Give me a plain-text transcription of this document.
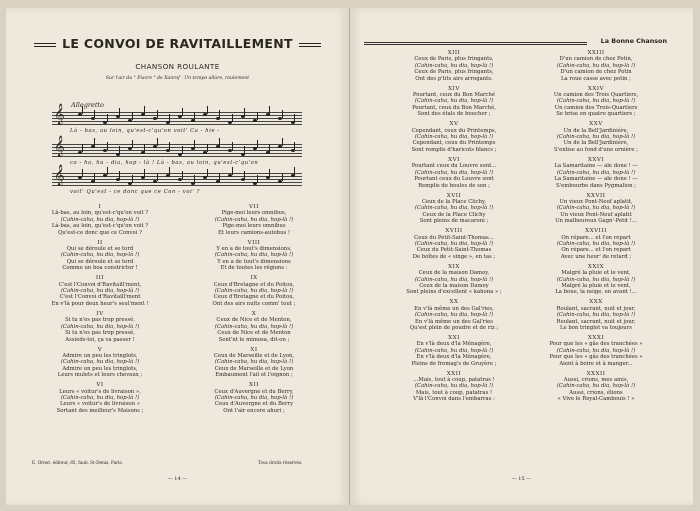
LE CONVOI DE RAVITAILLEMENT
CHANSON ROULANTE
Sur l'air du " Fiacre " de Xanrof · Un tempo allure, roulement
Allegretto
𝄞
Là - bas, au loin, qu'est-c'qu'on voit' Ca - hie -
𝄞
co - ha, hu - dia, hop - là ! Là - bas, au loin, qu'est-c'qu'on
𝄞
voit' Qu'est - ce donc que ce Con - voi' ?
I
Là-bas, au loin, qu'est-c'qu'on voit ?
(Cahin-caha, hu dia, hop-là !)
Là-bas, au loin, qu'est-c'qu'on voit ?
Qu'est-ce donc que ce Convoi ?
II
Qui se déroule et se tord
(Cahin-caha, hu dia, hop-là !)
Qui se déroule et se tord
Comme un boa constrictor !
III
C'est l'Convoi d'Ravitaill'ment,
(Cahin-caha, hu dia, hop-là !)
C'est l'Convoi d'Ravitaill'ment
En v'là pour deux heur's seul'ment !
IV
Si tu n'es pas trop pressé,
(Cahin-caha, hu dia, hop-là !)
Si tu n'es pas trop pressé,
Assieds-toi, ça va passer !
V
Admire un peu les tringlots,
(Cahin-caha, hu dia, hop-là !)
Admire un peu les tringlots,
Leurs mulets et leurs chevaux ;
VI
Leurs « voitur's de livraison »,
(Cahin-caha, hu dia, hop-là !)
Leurs « voitur's de livraison »
Sortant des meilleur's Maisons ;
VII
Pige-moi leurs omnibus,
(Cahin-caha, hu dia, hop-là !)
Pige-moi leurs omnibus
Et leurs camions-autobus !
VIII
Y en a de tout's dimensions,
(Cahin-caha, hu dia, hop-là !)
Y en a de tout's dimensions
Et de toutes les régions :
IX
Ceux d'Bretagne et du Poitou,
(Cahin-caha, hu dia, hop-là !)
Ceux d'Bretagne et du Poitou,
Ont des airs nults comm' tout ;
X
Ceux de Nice et de Menton,
(Cahin-caha, hu dia, hop-là !)
Ceux de Nice et de Menton
Sent'nt le mimosa, dit-on ;
XI
Ceux de Marseille et de Lyon,
(Cahin-caha, hu dia, hop-là !)
Ceux de Marseille et de Lyon
Embaument l'ail et l'oignon ;
XII
Ceux d'Auvergne et du Berry,
(Cahin-caha, hu dia, hop-là !)
Ceux d'Auvergne et du Berry
Ont l'air encore ahuri ;
E. Ornet, éditeur, 85, faub. St-Denis, Paris.	Tous droits réservés.
— 14 —
La Bonne Chanson
XIII
Ceux de Paris, plus fringants,
(Cahin-caha, hu dia, hop-là !)
Ceux de Paris, plus fringants,
Ont des p'tits airs arrogants.
XIV
Pourtant, ceux du Bon Marché
(Cahin-caha, hu dia, hop-là !)
Pourtant, ceux du Bon Marché,
Sont des étals de boucher ;
XV
Cependant, ceux du Printemps,
(Cahin-caha, hu dia, hop-là !)
Cependant, ceux du Printemps
Sont remplis d'haricots blancs ;
XVI
Pourtant ceux du Louvre sont...
(Cahin-caha, hu dia, hop-là !)
Pourtant ceux du Louvre sont
Remplis de boules de son ;
XVII
Ceux de la Place Clichy,
(Cahin-caha, hu dia, hop-là !)
Ceux de la Place Clichy
Sont pleins de macaroni ;
XVIII
Ceux du Petit-Saint-Thomas...
(Cahin-caha, hu dia, hop-là !)
Ceux du Petit-Saint-Thomas
De boîtes de « singe », en tas ;
XIX
Ceux de la maison Damoy,
(Cahin-caha, hu dia, hop-là !)
Ceux de la maison Damoy
Sont pleins d'excellent « kahona » ;
XX
En v'là même un des Gal'ries,
(Cahin-caha, hu dia, hop-là !)
En v'là même un des Gal'ries
Qu'est plein de poudre et de riz ;
XXI
En v'là deux d'la Ménagère,
(Cahin-caha, hu dia, hop-là !)
En v'là deux d'la Ménagère,
Pleins de fromag's de Gruyère ;
XXII
...Mais, tout à coup, patatras !
(Cahin-caha, hu dia, hop-là !)
Mais, tout à coup, patatras !
V'là l'Convoi dans l'embarras :
XXIII
D'un camion de chez Potin,
(Cahin-caha, hu dia, hop-là !)
D'un camion de chez Potin
La roue casse avec potin ;
XXIV
Un camion des Trois Quartiers,
(Cahin-caha, hu dia, hop-là !)
Un camion des Trois-Quartiers
Se brise en quatre quartiers ;
XXV
Un de la Bell'Jardinière,
(Cahin-caha, hu dia, hop-là !)
Un de la Bell'Jardinière,
S'enlise au fond d'une ornière ;
XXVI
La Samaritaine — ale done ! —
(Cahin-caha, hu dia, hop-là !)
La Samaritaine — ale done ! —
S'embourbe dans Pygmalion ;
XXVII
Un vieux Pont-Neuf aplatit,
(Cahin-caha, hu dia, hop-là !)
Un vieux Pont-Neuf aplatit
Un malheureux Gagn'-Petit !...
XXVIII
On répare... et l'on repart
(Cahin-caha, hu dia, hop-là !)
On répare... et l'on repart
Avec une heur' de retard ;
XXIX
Malgré la pluie et le vent,
(Cahin-caha, hu dia, hop-là !)
Malgré la pluie et le vent,
La boue, la neige, en avant !...
XXX
Roulant, sacrant, nuit et jour,
(Cahin-caha, hu dia, hop-là !)
Roulant, sacrant, nuit et jour,
Le bon tringlot va toujours
XXXI
Pour que les « gâs des tranchées »
(Cahin-caha, hu dia, hop-là !)
Pour que les « gâs des tranchées »
Aient à boire et à manger...
XXXII
Aussi, crions, mes amis,
(Cahin-caha, hu dia, hop-là !)
Aussi, crions, élions
« Vive le Royal-Cambouis ! »
— 15 —
